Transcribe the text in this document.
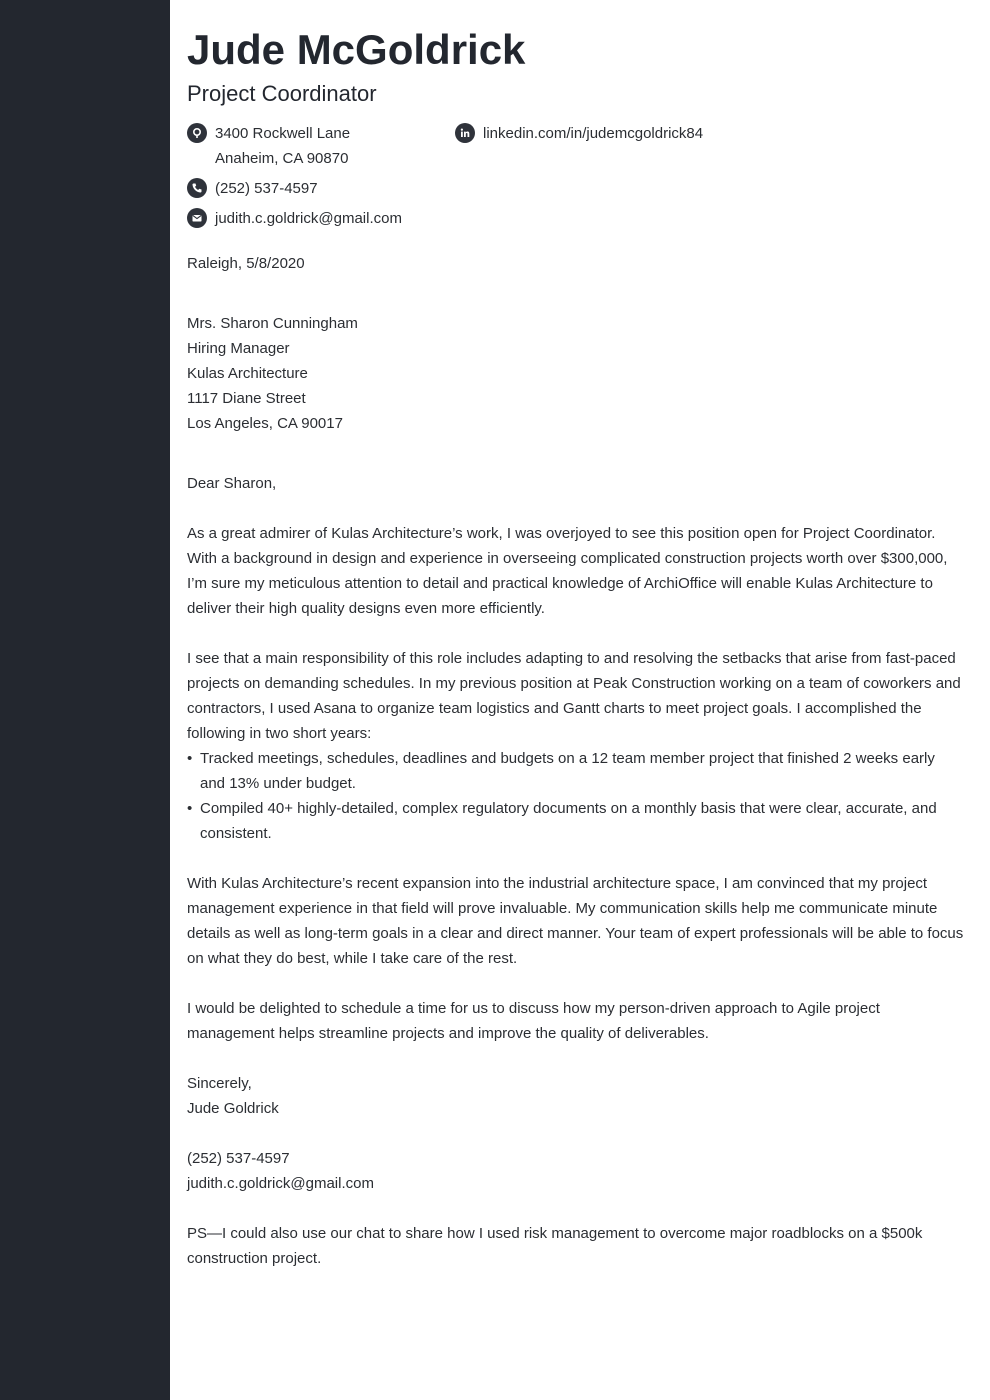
Jude McGoldrick
Project Coordinator
3400 Rockwell Lane
Anaheim, CA 90870
(252) 537-4597
judith.c.goldrick@gmail.com
linkedin.com/in/judemcgoldrick84
Raleigh, 5/8/2020
Mrs. Sharon Cunningham
Hiring Manager
Kulas Architecture
1117 Diane Street
Los Angeles, CA 90017

Dear Sharon,

As a great admirer of Kulas Architecture’s work, I was overjoyed to see this position open for Project Coordinator. With a background in design and experience in overseeing complicated construction projects worth over $300,000, I’m sure my meticulous attention to detail and practical knowledge of ArchiOffice will enable Kulas Architecture to deliver their high quality designs even more efficiently.

I see that a main responsibility of this role includes adapting to and resolving the setbacks that arise from fast-paced projects on demanding schedules. In my previous position at Peak Construction working on a team of coworkers and contractors, I used Asana to organize team logistics and Gantt charts to meet project goals. I accomplished the following in two short years:

• Tracked meetings, schedules, deadlines and budgets on a 12 team member project that finished 2 weeks early and 13% under budget.
• Compiled 40+ highly-detailed, complex regulatory documents on a monthly basis that were clear, accurate, and consistent.

With Kulas Architecture’s recent expansion into the industrial architecture space, I am convinced that my project management experience in that field will prove invaluable. My communication skills help me communicate minute details as well as long-term goals in a clear and direct manner. Your team of expert professionals will be able to focus on what they do best, while I take care of the rest.

I would be delighted to schedule a time for us to discuss how my person-driven approach to Agile project management helps streamline projects and improve the quality of deliverables.

Sincerely,
Jude Goldrick

(252) 537-4597
judith.c.goldrick@gmail.com

PS—I could also use our chat to share how I used risk management to overcome major roadblocks on a $500k construction project.
